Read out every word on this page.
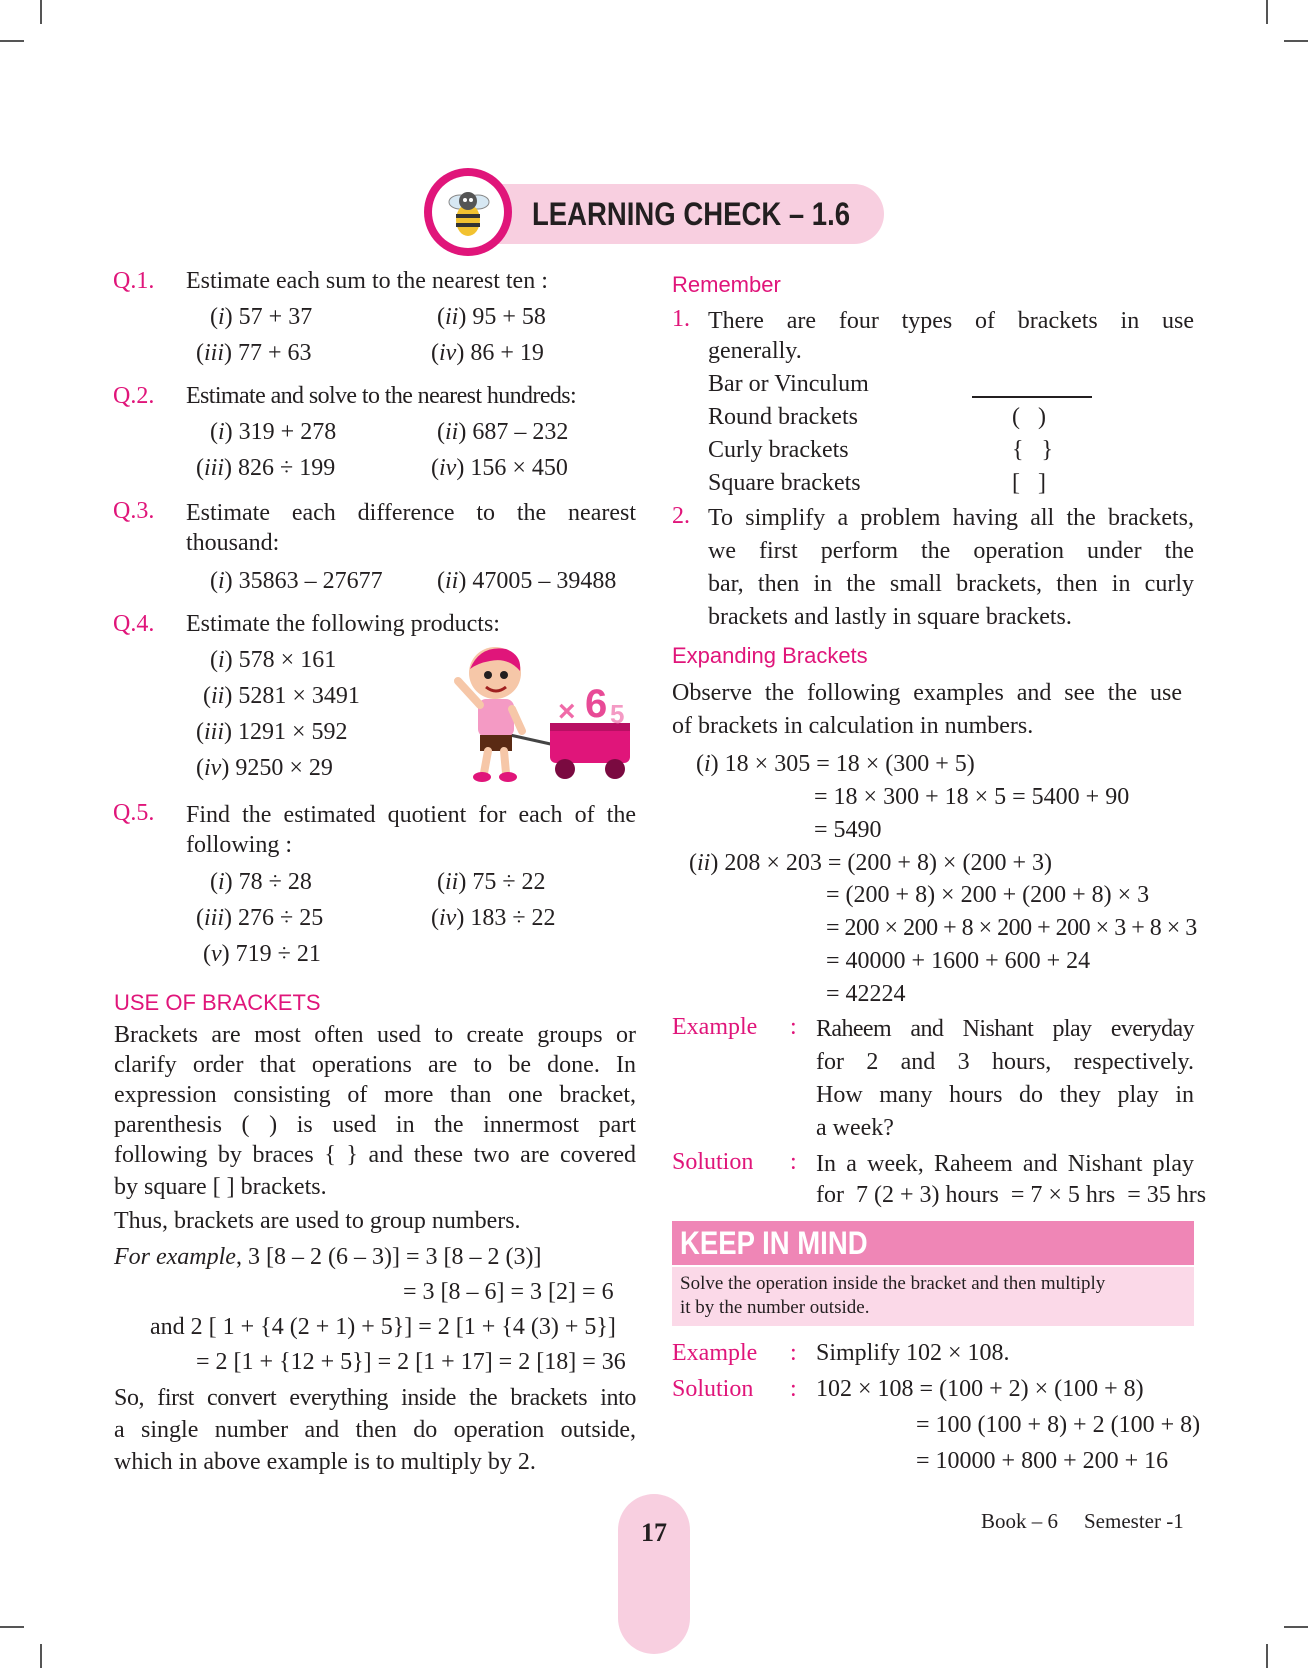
LEARNING CHECK – 1.6
Q.1. Estimate each sum to the nearest ten :
(i) 57 + 37	(ii) 95 + 58
(iii) 77 + 63	(iv) 86 + 19
Q.2. Estimate and solve to the nearest hundreds:
(i) 319 + 278	(ii) 687 – 232
(iii) 826 ÷ 199	(iv) 156 × 450
Q.3. Estimate each difference to the nearest
thousand:
(i) 35863 – 27677 (ii) 47005 – 39488
Q.4. Estimate the following products:
(i) 578 × 161
(ii) 5281 × 3491
(iii) 1291 × 592
(iv) 9250 × 29
× 6 5
Q.5. Find the estimated quotient for each of the
following :
(i) 78 ÷ 28	(ii) 75 ÷ 22
(iii) 276 ÷ 25	(iv) 183 ÷ 22
(v) 719 ÷ 21
USE OF BRACKETS
Brackets are most often used to create groups or
clarify order that operations are to be done. In
expression consisting of more than one bracket,
parenthesis ( ) is used in the innermost part
following by braces { } and these two are covered
by square [ ] brackets.
Thus, brackets are used to group numbers.
For example, 3 [8 – 2 (6 – 3)] = 3 [8 – 2 (3)]
= 3 [8 – 6] = 3 [2] = 6
and 2 [ 1 + {4 (2 + 1) + 5}] = 2 [1 + {4 (3) + 5}]
= 2 [1 + {12 + 5}] = 2 [1 + 17] = 2 [18] = 36
So, first convert everything inside the brackets into
a single number and then do operation outside,
which in above example is to multiply by 2.
Remember
1. There are four types of brackets in use
generally.
Bar or Vinculum
Round brackets	(   )
Curly brackets	{   }
Square brackets	[   ]
2. To simplify a problem having all the brackets,
we first perform the operation under the
bar, then in the small brackets, then in curly
brackets and lastly in square brackets.
Expanding Brackets
Observe the following examples and see the use
of brackets in calculation in numbers.
(i) 18 × 305 = 18 × (300 + 5)
= 18 × 300 + 18 × 5 = 5400 + 90
= 5490
(ii) 208 × 203 = (200 + 8) × (200 + 3)
= (200 + 8) × 200 + (200 + 8) × 3
= 200 × 200 + 8 × 200 + 200 × 3 + 8 × 3
= 40000 + 1600 + 600 + 24
= 42224
Example : Raheem and Nishant play everyday
for 2 and 3 hours, respectively.
How many hours do they play in
a week?
Solution : In a week, Raheem and Nishant play
for  7 (2 + 3) hours  = 7 × 5 hrs  = 35 hrs
KEEP IN MIND
Solve the operation inside the bracket and then multiply
it by the number outside.
Example : Simplify 102 × 108.
Solution : 102 × 108 = (100 + 2) × (100 + 8)
= 100 (100 + 8) + 2 (100 + 8)
= 10000 + 800 + 200 + 16
17	Book – 6 Semester -1
